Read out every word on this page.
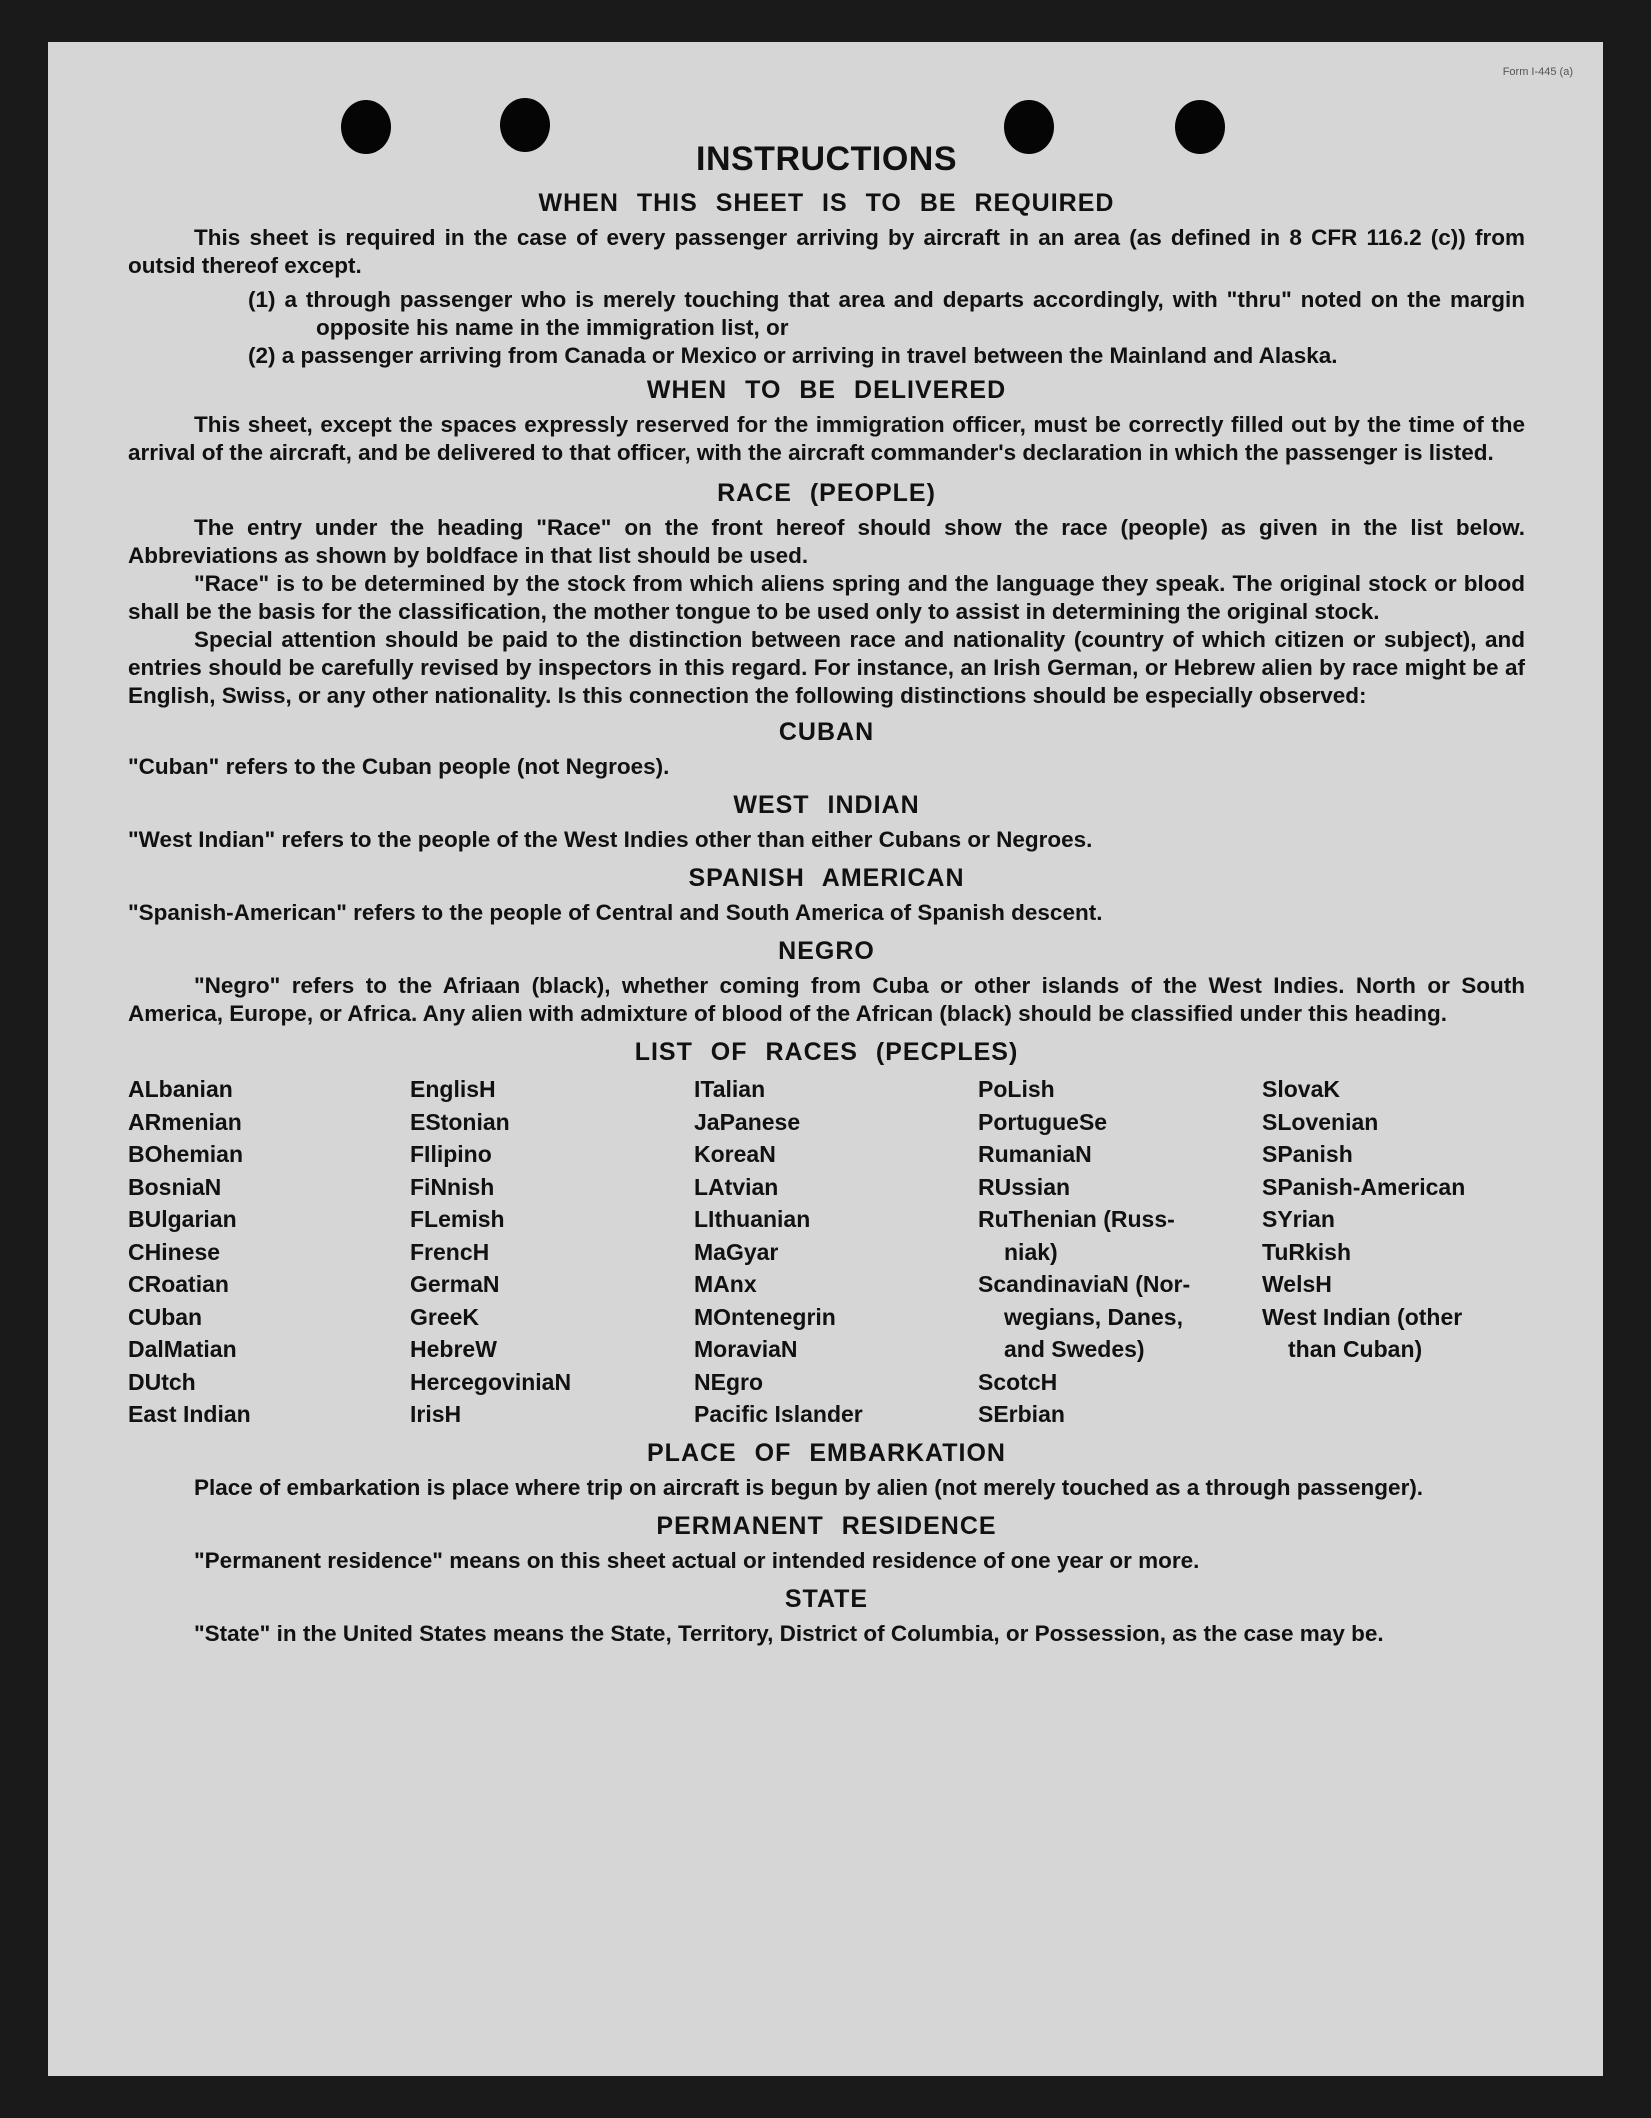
Form I-445 (a)
INSTRUCTIONS
WHEN THIS SHEET IS TO BE REQUIRED

This sheet is required in the case of every passenger arriving by aircraft in an area (as defined in 8 CFR 116.2 (c)) from outsid thereof except.

(1) a through passenger who is merely touching that area and departs accordingly, with "thru" noted on the margin opposite his name in the immigration list, or

(2) a passenger arriving from Canada or Mexico or arriving in travel between the Mainland and Alaska.

WHEN TO BE DELIVERED

This sheet, except the spaces expressly reserved for the immigration officer, must be correctly filled out by the time of the arrival of the aircraft, and be delivered to that officer, with the aircraft commander's declaration in which the passenger is listed.

RACE (PEOPLE)

The entry under the heading "Race" on the front hereof should show the race (people) as given in the list below. Abbreviations as shown by boldface in that list should be used.

"Race" is to be determined by the stock from which aliens spring and the language they speak. The original stock or blood shall be the basis for the classification, the mother tongue to be used only to assist in determining the original stock.

Special attention should be paid to the distinction between race and nationality (country of which citizen or subject), and entries should be carefully revised by inspectors in this regard. For instance, an Irish German, or Hebrew alien by race might be af English, Swiss, or any other nationality. Is this connection the following distinctions should be especially observed:

CUBAN

"Cuban" refers to the Cuban people (not Negroes).

WEST INDIAN

"West Indian" refers to the people of the West Indies other than either Cubans or Negroes.

SPANISH AMERICAN

"Spanish-American" refers to the people of Central and South America of Spanish descent.

NEGRO

"Negro" refers to the Afriaan (black), whether coming from Cuba or other islands of the West Indies. North or South America, Europe, or Africa. Any alien with admixture of blood of the African (black) should be classified under this heading.

LIST OF RACES (PECPLES)
ALbanian
ARmenian
BOhemian
BosniaN
BUlgarian
CHinese
CRoatian
CUban
DalMatian
DUtch
East Indian
EnglisH
EStonian
FIlipino
FiNnish
FLemish
FrencH
GermaN
GreeK
HebreW
HercegoviniaN
IrisH
ITalian
JaPanese
KoreaN
LAtvian
LIthuanian
MaGyar
MAnx
MOntenegrin
MoraviaN
NEgro
Pacific Islander
PoLish
PortugueSe
RumaniaN
RUssian
RuThenian (Russ-
niak)
ScandinaviaN (Nor-
wegians, Danes,
and Swedes)
ScotcH
SErbian
SlovaK
SLovenian
SPanish
SPanish-American
SYrian
TuRkish
WelsH
West Indian (other
than Cuban)
PLACE OF EMBARKATION

Place of embarkation is place where trip on aircraft is begun by alien (not merely touched as a through passenger).

PERMANENT RESIDENCE

"Permanent residence" means on this sheet actual or intended residence of one year or more.

STATE

"State" in the United States means the State, Territory, District of Columbia, or Possession, as the case may be.
